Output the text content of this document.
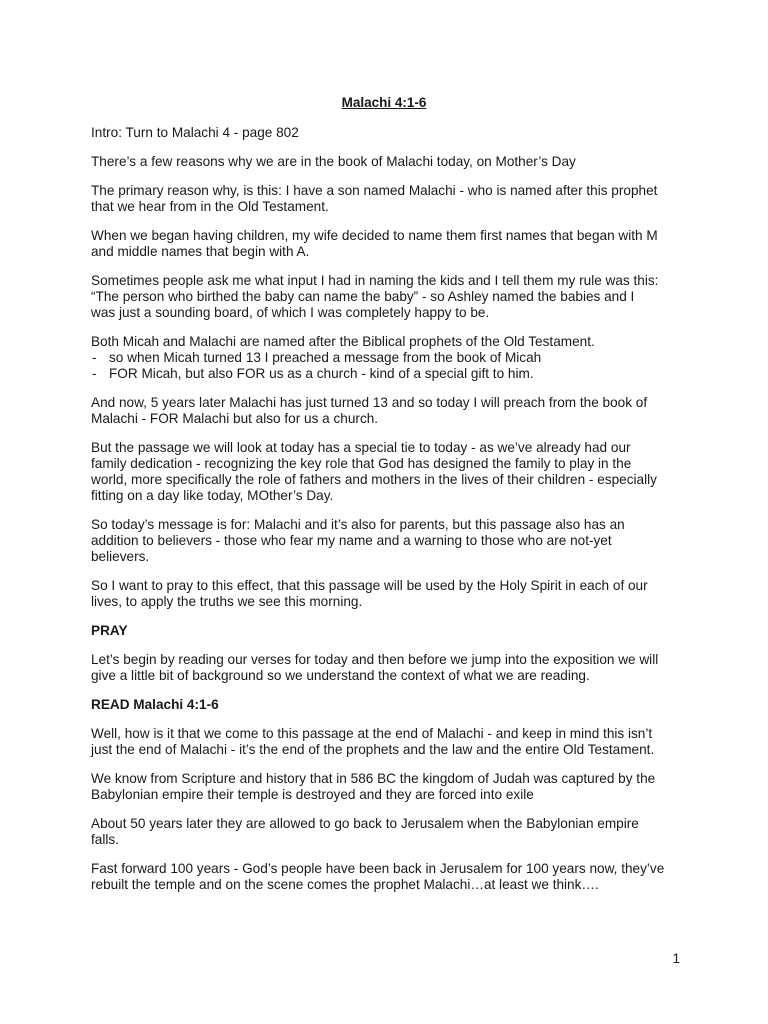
Malachi 4:1-6

Intro: Turn to Malachi 4 - page 802

There’s a few reasons why we are in the book of Malachi today, on Mother’s Day

The primary reason why, is this: I have a son named Malachi - who is named after this prophet
that we hear from in the Old Testament.

When we began having children, my wife decided to name them first names that began with M
and middle names that begin with A.

Sometimes people ask me what input I had in naming the kids and I tell them my rule was this:
“The person who birthed the baby can name the baby” - so Ashley named the babies and I
was just a sounding board, of which I was completely happy to be.

Both Micah and Malachi are named after the Biblical prophets of the Old Testament.

- so when Micah turned 13 I preached a message from the book of Micah
- FOR Micah, but also FOR us as a church - kind of a special gift to him.

And now, 5 years later Malachi has just turned 13 and so today I will preach from the book of
Malachi - FOR Malachi but also for us a church.

But the passage we will look at today has a special tie to today - as we’ve already had our
family dedication - recognizing the key role that God has designed the family to play in the
world, more specifically the role of fathers and mothers in the lives of their children - especially
fitting on a day like today, MOther’s Day.

So today’s message is for: Malachi and it’s also for parents, but this passage also has an
addition to believers - those who fear my name and a warning to those who are not-yet
believers.

So I want to pray to this effect, that this passage will be used by the Holy Spirit in each of our
lives, to apply the truths we see this morning.

PRAY

Let’s begin by reading our verses for today and then before we jump into the exposition we will
give a little bit of background so we understand the context of what we are reading.

READ Malachi 4:1-6

Well, how is it that we come to this passage at the end of Malachi - and keep in mind this isn’t
just the end of Malachi - it’s the end of the prophets and the law and the entire Old Testament.

We know from Scripture and history that in 586 BC the kingdom of Judah was captured by the
Babylonian empire their temple is destroyed and they are forced into exile

About 50 years later they are allowed to go back to Jerusalem when the Babylonian empire
falls.

Fast forward 100 years - God’s people have been back in Jerusalem for 100 years now, they’ve
rebuilt the temple and on the scene comes the prophet Malachi…at least we think….

1
